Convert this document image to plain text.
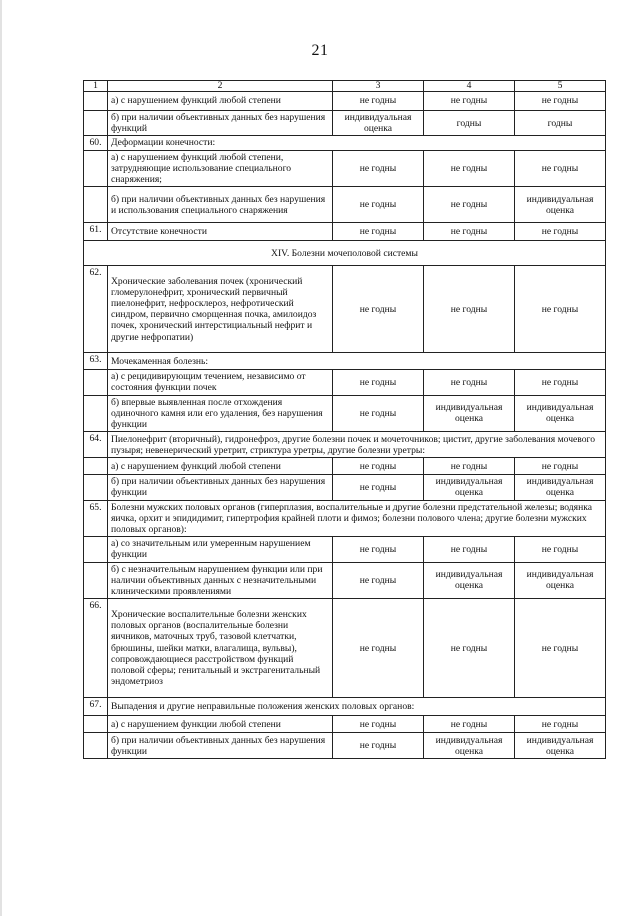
21
1	2	3	4	5
	а) с нарушением функций любой степени	не годны	не годны	не годны
	б) при наличии объективных данных без нарушения функций	индивидуальная оценка	годны	годны
60.	Деформации конечности:			
	а) с нарушением функций любой степени, затрудняющие использование специального снаряжения;	не годны	не годны	не годны
	б) при наличии объективных данных без нарушения и использования специального снаряжения	не годны	не годны	индивидуальная оценка
61.	Отсутствие конечности	не годны	не годны	не годны
XIV. Болезни мочеполовой системы				
62.	Хронические заболевания почек (хронический гломерулонефрит, хронический первичный пиелонефрит, нефросклероз, нефротический синдром, первично сморщенная почка, амилоидоз почек, хронический интерстициальный нефрит и другие нефропатии)	не годны	не годны	не годны
63.	Мочекаменная болезнь:			
	а) с рецидивирующим течением, независимо от состояния функции почек	не годны	не годны	не годны
	б) впервые выявленная после отхождения одиночного камня или его удаления, без нарушения функции	не годны	индивидуальная оценка	индивидуальная оценка
64.	Пиелонефрит (вторичный), гидронефроз, другие болезни почек и мочеточников; цистит, другие заболевания мочевого пузыря; невенерический уретрит, стриктура уретры, другие болезни уретры:			
	а) с нарушением функций любой степени	не годны	не годны	не годны
	б) при наличии объективных данных без нарушения функции	не годны	индивидуальная оценка	индивидуальная оценка
65.	Болезни мужских половых органов (гиперплазия, воспалительные и другие болезни предстательной железы; водянка яичка, орхит и эпидидимит, гипертрофия крайней плоти и фимоз; болезни полового члена; другие болезни мужских половых органов):			
	а) со значительным или умеренным нарушением функции	не годны	не годны	не годны
	б) с незначительным нарушением функции или при наличии объективных данных с незначительными клиническими проявлениями	не годны	индивидуальная оценка	индивидуальная оценка
66.	Хронические воспалительные болезни женских половых органов (воспалительные болезни яичников, маточных труб, тазовой клетчатки, брюшины, шейки матки, влагалища, вульвы), сопровождающиеся расстройством функций половой сферы; генитальный и экстрагенитальный эндометриоз	не годны	не годны	не годны
67.	Выпадения и другие неправильные положения женских половых органов:			
	а) с нарушением функции любой степени	не годны	не годны	не годны
	б) при наличии объективных данных без нарушения функции	не годны	индивидуальная оценка	индивидуальная оценка
